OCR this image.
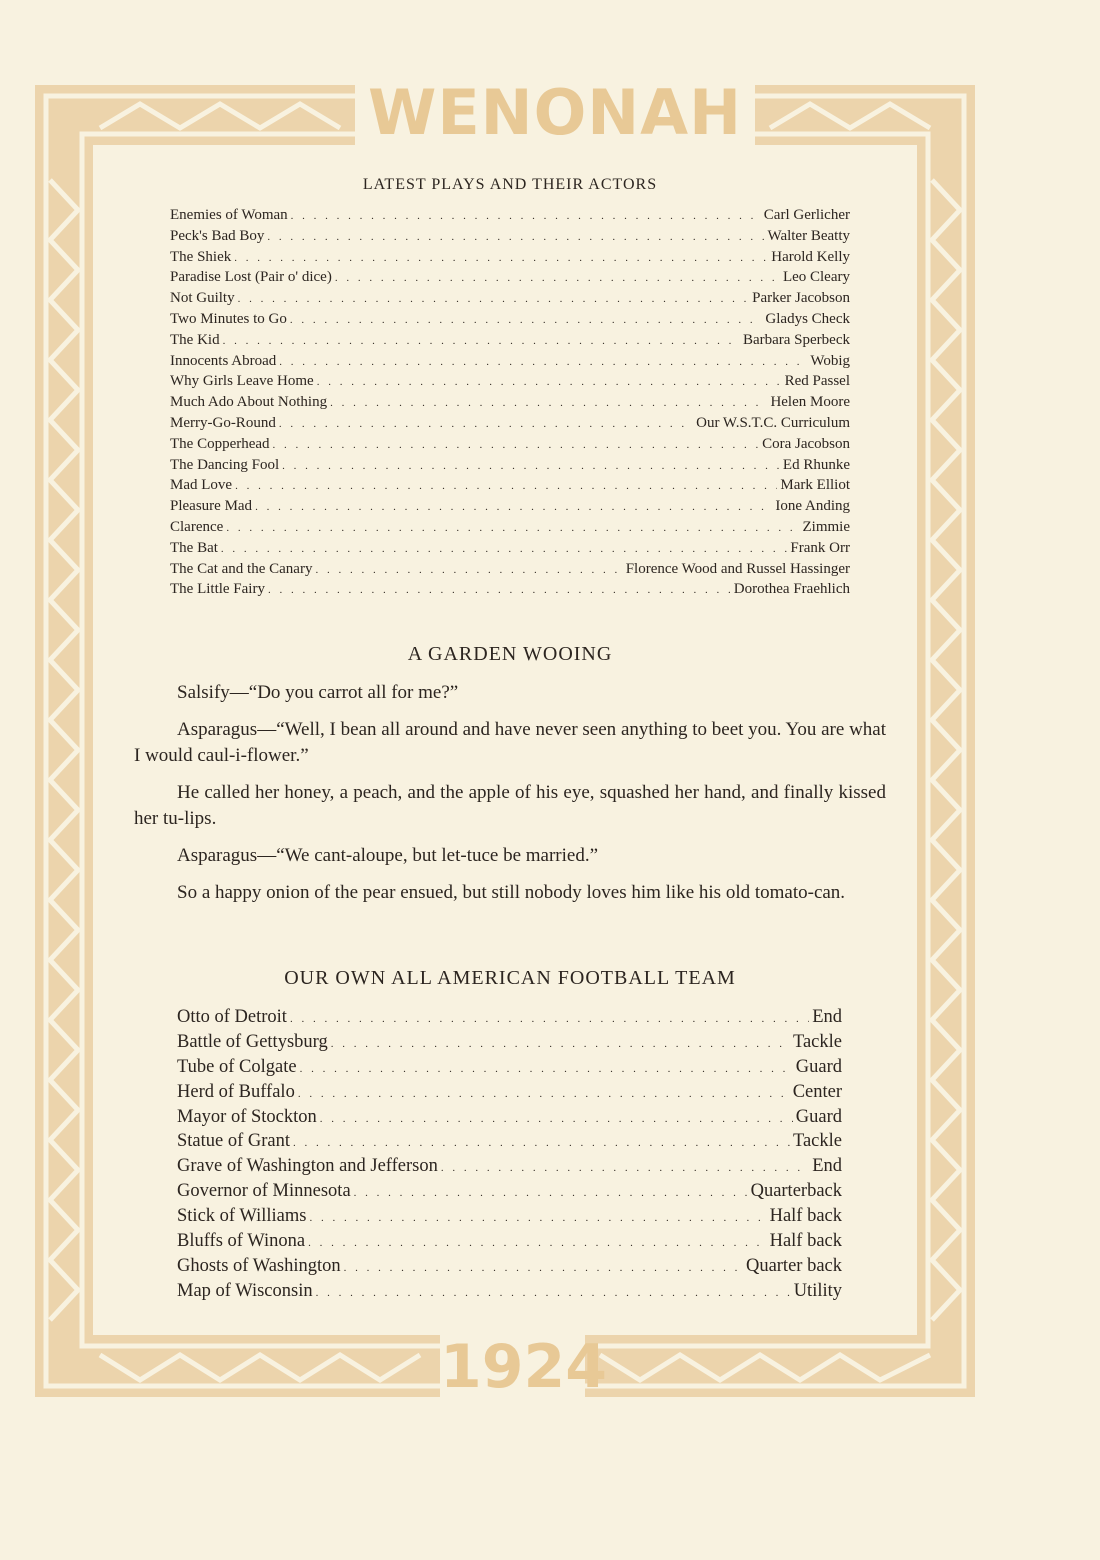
WENONAH
1924
LATEST PLAYS AND THEIR ACTORS
Enemies of Woman . . .	Carl Gerlicher
Peck's Bad Boy . . .	Walter Beatty
The Shiek . . .	Harold Kelly
Paradise Lost (Pair o' dice) . . .	Leo Cleary
Not Guilty . . .	Parker Jacobson
Two Minutes to Go . . .	Gladys Check
The Kid . . .	Barbara Sperbeck
Innocents Abroad . . .	Wobig
Why Girls Leave Home . . .	Red Passel
Much Ado About Nothing . . .	Helen Moore
Merry-Go-Round . . .	Our W.S.T.C. Curriculum
The Copperhead . . .	Cora Jacobson
The Dancing Fool . . .	Ed Rhunke
Mad Love . . .	Mark Elliot
Pleasure Mad . . .	Ione Anding
Clarence . . .	Zimmie
The Bat . . .	Frank Orr
The Cat and the Canary . . .	Florence Wood and Russel Hassinger
The Little Fairy . . .	Dorothea Fraehlich
A GARDEN WOOING

Salsify—“Do you carrot all for me?”

Asparagus—“Well, I bean all around and have never seen anything to beet you. You are what I would caul-i-flower.”

He called her honey, a peach, and the apple of his eye, squashed her hand, and finally kissed her tu-lips.

Asparagus—“We cant-aloupe, but let-tuce be married.”

So a happy onion of the pear ensued, but still nobody loves him like his old tomato-can.

OUR OWN ALL AMERICAN FOOTBALL TEAM
Otto of Detroit . . .	End
Battle of Gettysburg . . .	Tackle
Tube of Colgate . . .	Guard
Herd of Buffalo . . .	Center
Mayor of Stockton . . .	Guard
Statue of Grant . . .	Tackle
Grave of Washington and Jefferson . . .	End
Governor of Minnesota . . .	Quarterback
Stick of Williams . . .	Half back
Bluffs of Winona . . .	Half back
Ghosts of Washington . . .	Quarter back
Map of Wisconsin . . .	Utility
